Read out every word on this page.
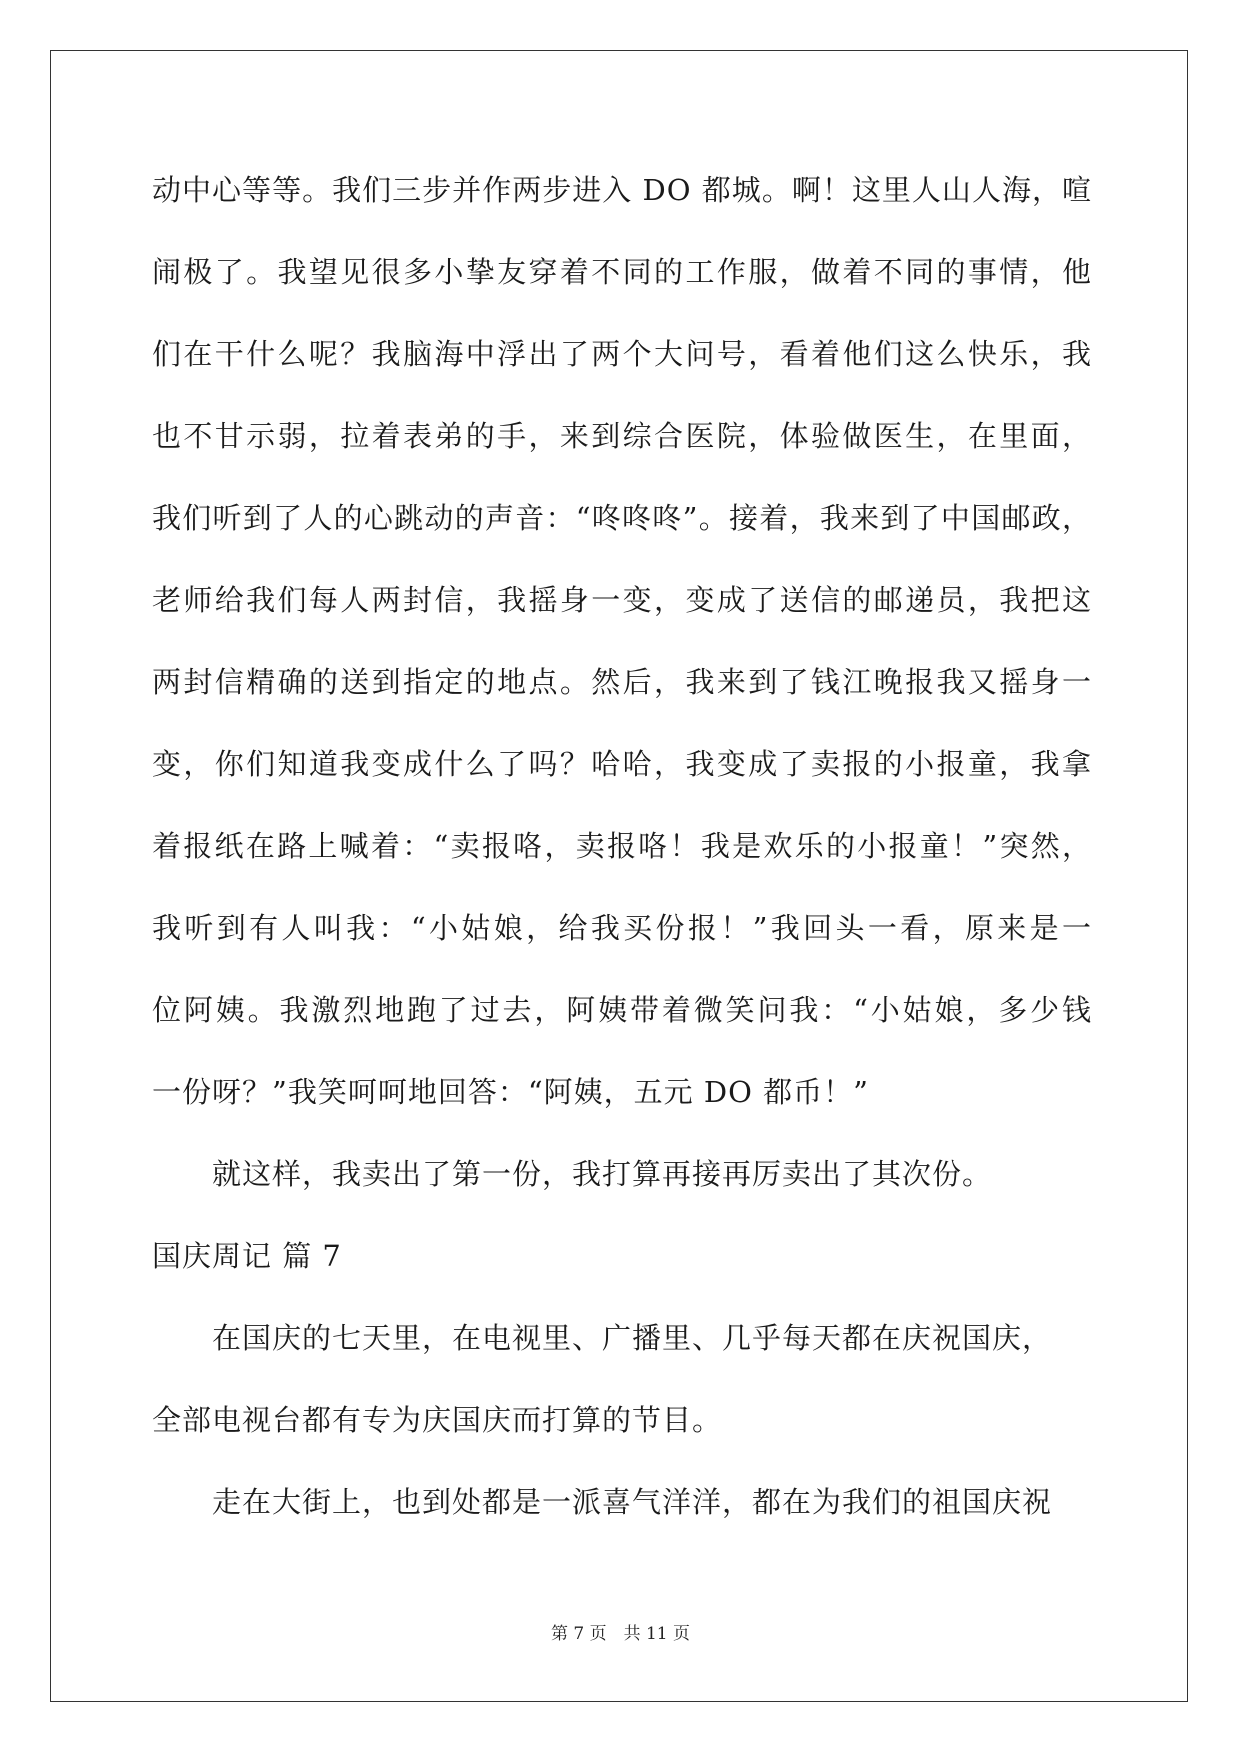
动中心等等。我们三步并作两步进入 DO 都城。啊！这里人山人海，喧
闹极了。我望见很多小挚友穿着不同的工作服，做着不同的事情，他
们在干什么呢？我脑海中浮出了两个大问号，看着他们这么快乐，我
也不甘示弱，拉着表弟的手，来到综合医院，体验做医生，在里面，
我们听到了人的心跳动的声音：“咚咚咚”。接着，我来到了中国邮政，
老师给我们每人两封信，我摇身一变，变成了送信的邮递员，我把这
两封信精确的送到指定的地点。然后，我来到了钱江晚报我又摇身一
变，你们知道我变成什么了吗？哈哈，我变成了卖报的小报童，我拿
着报纸在路上喊着：“卖报咯，卖报咯！我是欢乐的小报童！”突然，
我听到有人叫我：“小姑娘，给我买份报！”我回头一看，原来是一
位阿姨。我激烈地跑了过去，阿姨带着微笑问我：“小姑娘，多少钱
一份呀？”我笑呵呵地回答：“阿姨，五元 DO 都币！”
就这样，我卖出了第一份，我打算再接再厉卖出了其次份。
国庆周记 篇 7
在国庆的七天里，在电视里、广播里、几乎每天都在庆祝国庆，
全部电视台都有专为庆国庆而打算的节目。
走在大街上，也到处都是一派喜气洋洋，都在为我们的祖国庆祝
第 7 页　共 11 页
